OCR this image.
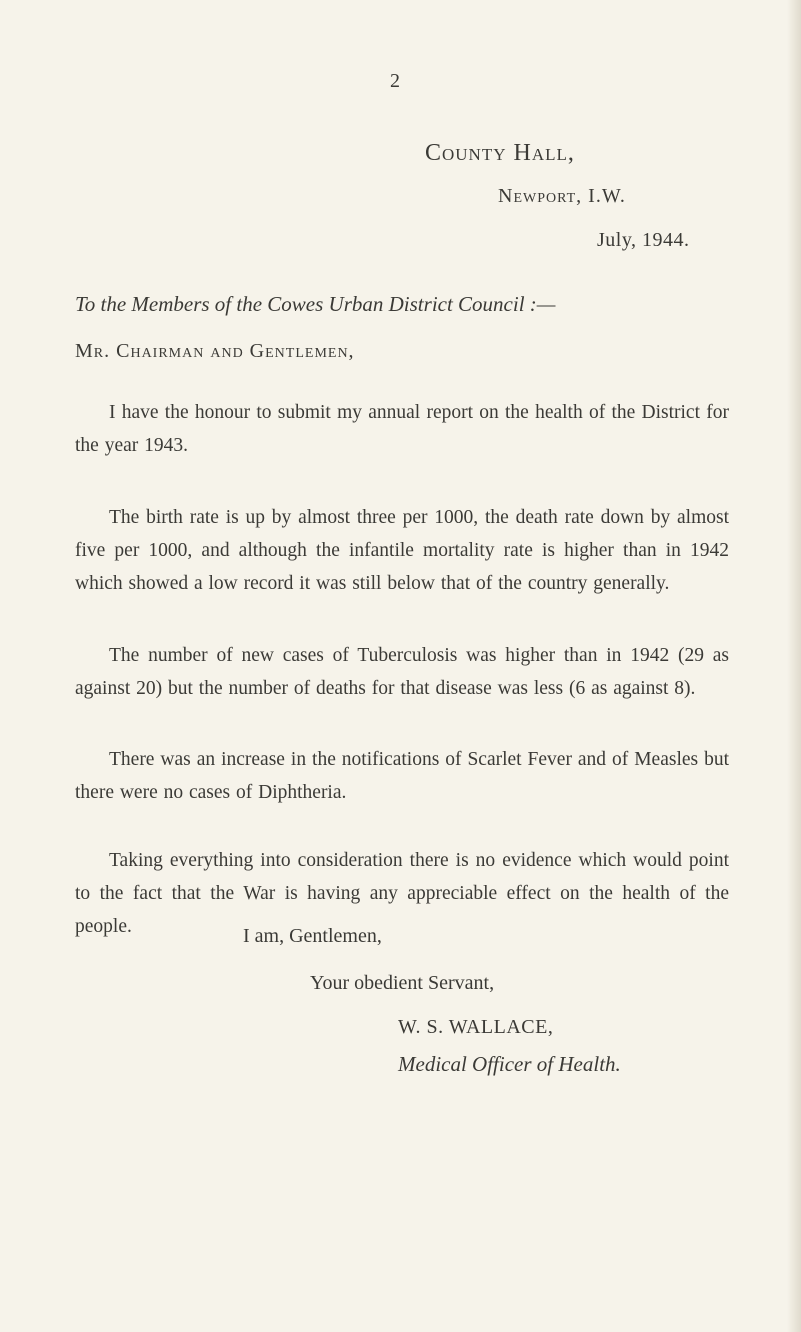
2
County Hall,
Newport, I.W.
July, 1944.
To the Members of the Cowes Urban District Council :—
Mr. Chairman and Gentlemen,

I have the honour to submit my annual report on the health of the District for the year 1943.

The birth rate is up by almost three per 1000, the death rate down by almost five per 1000, and although the infantile mortality rate is higher than in 1942 which showed a low record it was still below that of the country generally.

The number of new cases of Tuberculosis was higher than in 1942 (29 as against 20) but the number of deaths for that disease was less (6 as against 8).

There was an increase in the notifications of Scarlet Fever and of Measles but there were no cases of Diphtheria.

Taking everything into consideration there is no evidence which would point to the fact that the War is having any appreciable effect on the health of the people.	I am, Gentlemen,
Your obedient Servant,
W. S. WALLACE,
Medical Officer of Health.
